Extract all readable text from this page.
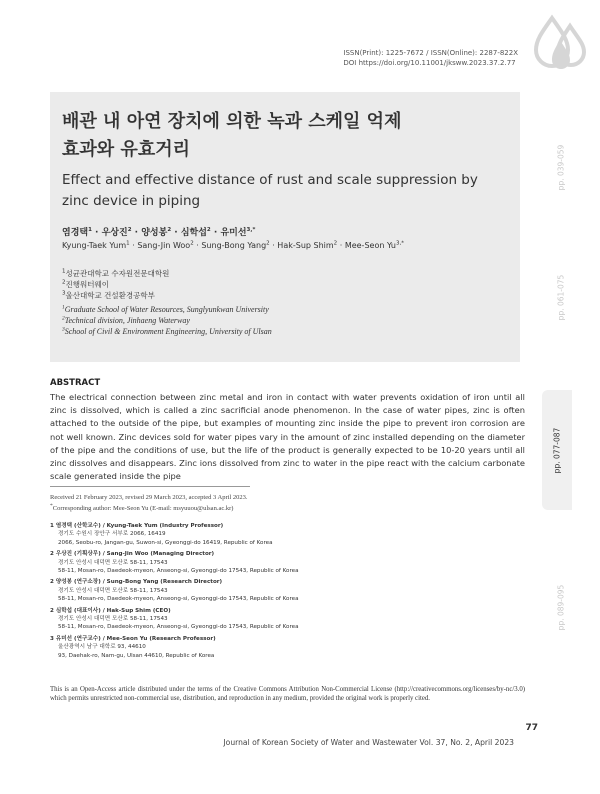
ISSN(Print): 1225-7672 / ISSN(Online): 2287-822X
DOI https://doi.org/10.11001/jksww.2023.37.2.77
배관 내 아연 장치에 의한 녹과 스케일 억제
효과와 유효거리
Effect and effective distance of rust and scale suppression by
zinc device in piping
염경택$^1$ · 우상진$^2$ · 양성봉$^2$ · 심학섭$^2$ · 유미선$^{3,*}$
Kyung-Taek Yum$^1$ · Sang-Jin Woo$^2$ · Sung-Bong Yang$^2$ · Hak-Sup Shim$^2$ · Mee-Seon $Yu^{3,*}$
$^1$성균관대학교 수자원전문대학원
$^2$진행워터웨이
$^3$울산대학교 건설환경공학부
$^1$Graduate School of Water Resources, Sunglyunkwan University
$^2$Technical division, Jinhaeng Waterway
$^3$School of Civil & Environment Engineering, University of Ulsan
pp. 039-059
pp. 061-075
pp. 077-087
pp. 089-095
ABSTRACT
The electrical connection between zinc metal and iron in contact with water prevents oxidation of iron until all zinc is dissolved, which is called a zinc sacrificial anode phenomenon. In the case of water pipes, zinc is often attached to the outside of the pipe, but examples of mounting zinc inside the pipe to prevent iron corrosion are not well known. Zinc devices sold for water pipes vary in the amount of zinc installed depending on the diameter of the pipe and the conditions of use, but the life of the product is generally expected to be 10-20 years until all zinc dissolves and disappears. Zinc ions dissolved from zinc to water in the pipe react with the calcium carbonate scale generated inside the pipe
Received 21 February 2023, revised 29 March 2023, accepted 3 April 2023.
*Corresponding author: Mee-Seon Yu (E-mail: msyuuou@ulsan.ac.kr)
1 염경택 (산학교수) / Kyung-Taek Yum (Industry Professor)
경기도 수원시 장안구 서부로 2066, 16419
2066, Seobu-ro, Jangan-gu, Suwon-si, Gyeonggi-do 16419, Republic of Korea
2 우상진 (기획상무) / Sang-Jin Woo (Managing Director)
경기도 안성시 대덕면 모산로 58-11, 17543
58-11, Mosan-ro, Daedeok-myeon, Anseong-si, Gyeonggi-do 17543, Republic of Korea
2 양성봉 (연구소장) / Sung-Bong Yang (Research Director)
경기도 안성시 대덕면 모산로 58-11, 17543
58-11, Mosan-ro, Daedeok-myeon, Anseong-si, Gyeonggi-do 17543, Republic of Korea
2 심학섭 (대표이사) / Hak-Sup Shim (CEO)
경기도 안성시 대덕면 모산로 58-11, 17543
58-11, Mosan-ro, Daedeok-myeon, Anseong-si, Gyeonggi-do 17543, Republic of Korea
3 유미선 (연구교수) / Mee-Seon Yu (Research Professor)
울산광역시 남구 대학로 93, 44610
93, Daehak-ro, Nam-gu, Ulsan 44610, Republic of Korea
This is an Open-Access article distributed under the terms of the Creative Commons Attribution Non-Commercial License (http://creativecommons.org/licenses/by-nc/3.0) which permits unrestricted non-commercial use, distribution, and reproduction in any medium, provided the original work is properly cited.
77
Journal of Korean Society of Water and Wastewater Vol. 37, No. 2, April 2023
